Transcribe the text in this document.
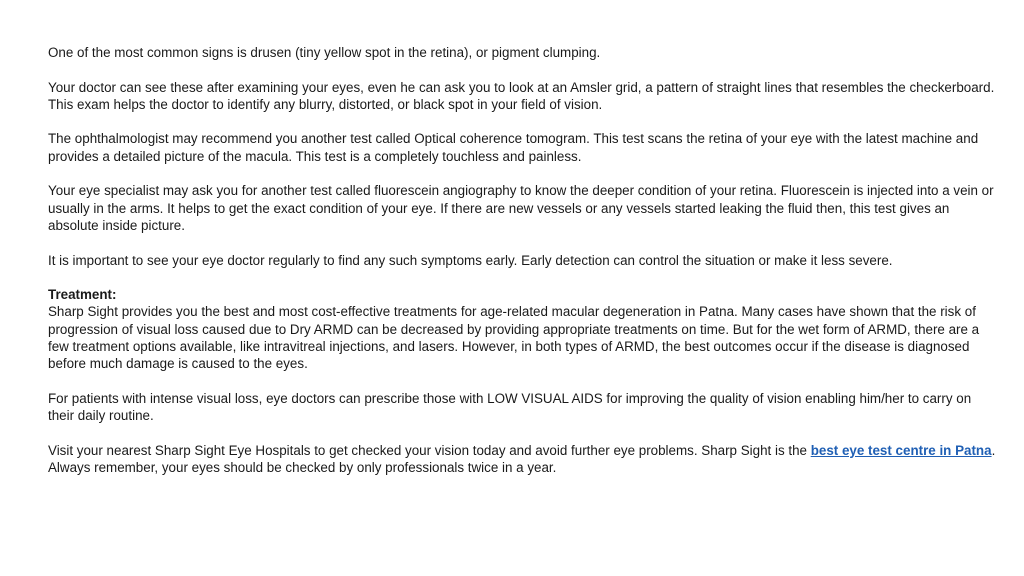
One of the most common signs is drusen (tiny yellow spot in the retina), or pigment clumping.

Your doctor can see these after examining your eyes, even he can ask you to look at an Amsler grid, a pattern of straight lines that resembles the checkerboard. This exam helps the doctor to identify any blurry, distorted, or black spot in your field of vision.

The ophthalmologist may recommend you another test called Optical coherence tomogram. This test scans the retina of your eye with the latest machine and provides a detailed picture of the macula. This test is a completely touchless and painless.

Your eye specialist may ask you for another test called fluorescein angiography to know the deeper condition of your retina. Fluorescein is injected into a vein or usually in the arms. It helps to get the exact condition of your eye. If there are new vessels or any vessels started leaking the fluid then, this test gives an absolute inside picture.

It is important to see your eye doctor regularly to find any such symptoms early. Early detection can control the situation or make it less severe.

Treatment:
Sharp Sight provides you the best and most cost-effective treatments for age-related macular degeneration in Patna. Many cases have shown that the risk of progression of visual loss caused due to Dry ARMD can be decreased by providing appropriate treatments on time. But for the wet form of ARMD, there are a few treatment options available, like intravitreal injections, and lasers. However, in both types of ARMD, the best outcomes occur if the disease is diagnosed before much damage is caused to the eyes.

For patients with intense visual loss, eye doctors can prescribe those with LOW VISUAL AIDS for improving the quality of vision enabling him/her to carry on their daily routine.

Visit your nearest Sharp Sight Eye Hospitals to get checked your vision today and avoid further eye problems. Sharp Sight is the best eye test centre in Patna. Always remember, your eyes should be checked by only professionals twice in a year.
